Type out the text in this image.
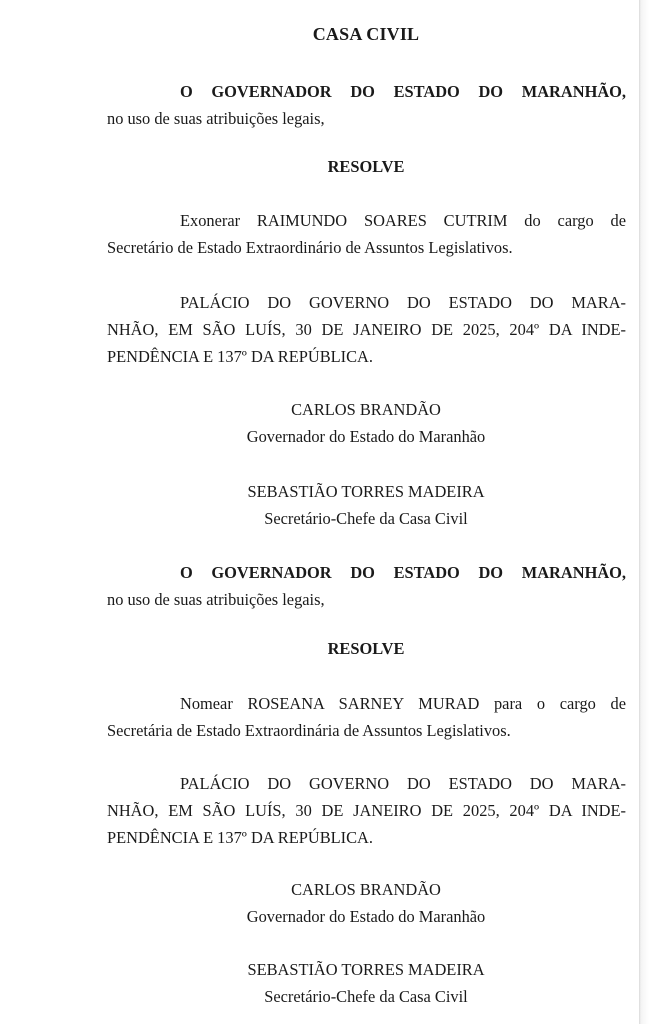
CASA CIVIL
O GOVERNADOR DO ESTADO DO MARANHÃO,
no uso de suas atribuições legais,
RESOLVE
Exonerar RAIMUNDO SOARES CUTRIM do cargo de
Secretário de Estado Extraordinário de Assuntos Legislativos.
PALÁCIO DO GOVERNO DO ESTADO DO MARA-
NHÃO, EM SÃO LUÍS, 30 DE JANEIRO DE 2025, 204º DA INDE-
PENDÊNCIA E 137º DA REPÚBLICA.
CARLOS BRANDÃO
Governador do Estado do Maranhão
SEBASTIÃO TORRES MADEIRA
Secretário-Chefe da Casa Civil
O GOVERNADOR DO ESTADO DO MARANHÃO,
no uso de suas atribuições legais,
RESOLVE
Nomear ROSEANA SARNEY MURAD para o cargo de
Secretária de Estado Extraordinária de Assuntos Legislativos.
PALÁCIO DO GOVERNO DO ESTADO DO MARA-
NHÃO, EM SÃO LUÍS, 30 DE JANEIRO DE 2025, 204º DA INDE-
PENDÊNCIA E 137º DA REPÚBLICA.
CARLOS BRANDÃO
Governador do Estado do Maranhão
SEBASTIÃO TORRES MADEIRA
Secretário-Chefe da Casa Civil
